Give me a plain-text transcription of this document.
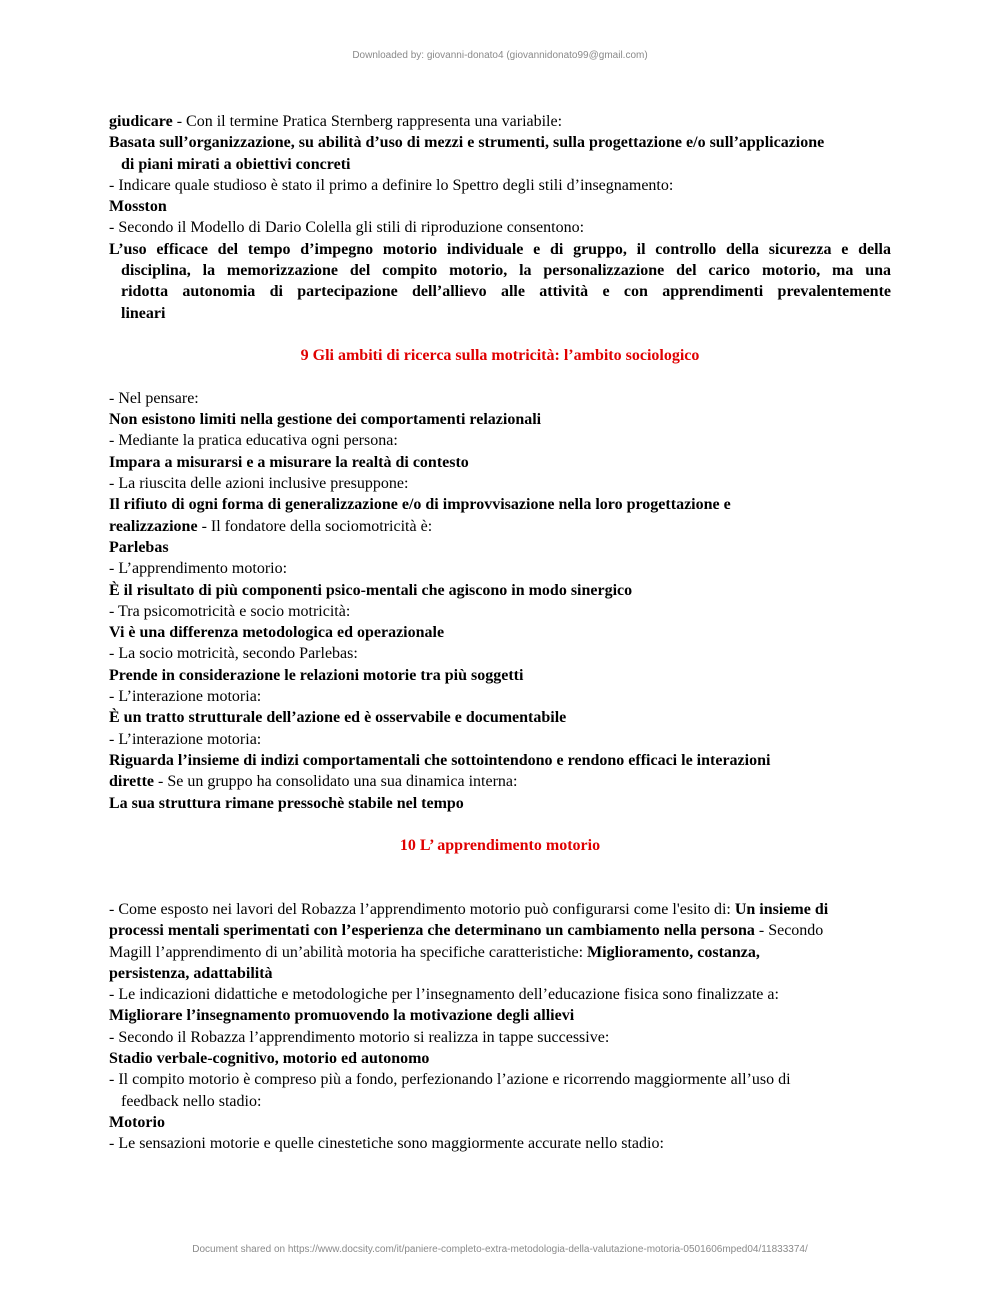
Downloaded by: giovanni-donato4 (giovannidonato99@gmail.com)
giudicare - Con il termine Pratica Sternberg rappresenta una variabile:
Basata sull’organizzazione, su abilità d’uso di mezzi e strumenti, sulla progettazione e/o sull’applicazione
di piani mirati a obiettivi concreti
- Indicare quale studioso è stato il primo a definire lo Spettro degli stili d’insegnamento:
Mosston
- Secondo il Modello di Dario Colella gli stili di riproduzione consentono:
L’uso efficace del tempo d’impegno motorio individuale e di gruppo, il controllo della sicurezza e della
disciplina, la memorizzazione del compito motorio, la personalizzazione del carico motorio, ma una
ridotta autonomia di partecipazione dell’allievo alle attività e con apprendimenti prevalentemente
lineari
9 Gli ambiti di ricerca sulla motricità: l’ambito sociologico
- Nel pensare:
Non esistono limiti nella gestione dei comportamenti relazionali
- Mediante la pratica educativa ogni persona:
Impara a misurarsi e a misurare la realtà di contesto
- La riuscita delle azioni inclusive presuppone:
Il rifiuto di ogni forma di generalizzazione e/o di improvvisazione nella loro progettazione e
realizzazione - Il fondatore della sociomotricità è:
Parlebas
- L’apprendimento motorio:
È il risultato di più componenti psico-mentali che agiscono in modo sinergico
- Tra psicomotricità e socio motricità:
Vi è una differenza metodologica ed operazionale
- La socio motricità, secondo Parlebas:
Prende in considerazione le relazioni motorie tra più soggetti
- L’interazione motoria:
È un tratto strutturale dell’azione ed è osservabile e documentabile
- L’interazione motoria:
Riguarda l’insieme di indizi comportamentali che sottointendono e rendono efficaci le interazioni
dirette - Se un gruppo ha consolidato una sua dinamica interna:
La sua struttura rimane pressochè stabile nel tempo
10 L’ apprendimento motorio
- Come esposto nei lavori del Robazza l’apprendimento motorio può configurarsi come l'esito di: Un insieme di
processi mentali sperimentati con l’esperienza che determinano un cambiamento nella persona - Secondo
Magill l’apprendimento di un’abilità motoria ha specifiche caratteristiche: Miglioramento, costanza,
persistenza, adattabilità
- Le indicazioni didattiche e metodologiche per l’insegnamento dell’educazione fisica sono finalizzate a:
Migliorare l’insegnamento promuovendo la motivazione degli allievi
- Secondo il Robazza l’apprendimento motorio si realizza in tappe successive:
Stadio verbale-cognitivo, motorio ed autonomo
- Il compito motorio è compreso più a fondo, perfezionando l’azione e ricorrendo maggiormente all’uso di
feedback nello stadio:
Motorio
- Le sensazioni motorie e quelle cinestetiche sono maggiormente accurate nello stadio:
Document shared on https://www.docsity.com/it/paniere-completo-extra-metodologia-della-valutazione-motoria-0501606mped04/11833374/
